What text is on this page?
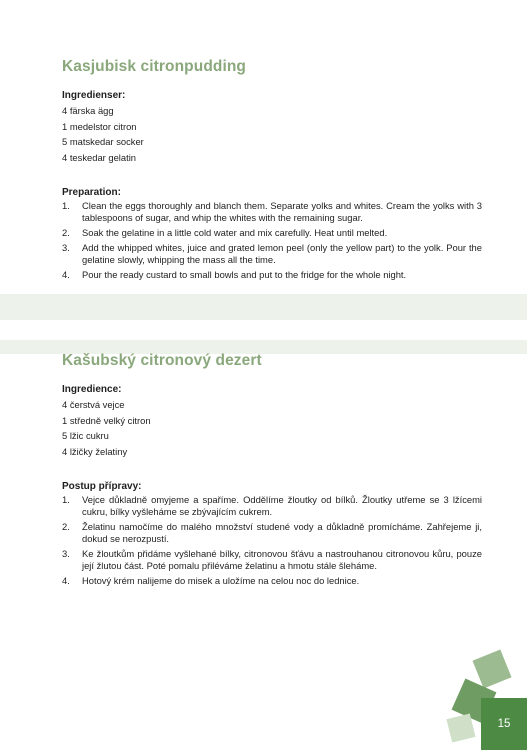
Kasjubisk citronpudding
Ingredienser:
4 färska ägg
1 medelstor citron
5 matskedar socker
4 teskedar gelatin
Preparation:
1.	Clean the eggs thoroughly and blanch them. Separate yolks and whites. Cream the yolks with 3 tablespoons of sugar, and whip the whites with the remaining sugar.
2.	Soak the gelatine in a little cold water and mix carefully. Heat until melted.
3.	Add the whipped whites, juice and grated lemon peel (only the yellow part) to the yolk. Pour the gelatine slowly, whipping the mass all the time.
4.	Pour the ready custard to small bowls and put to the fridge for the whole night.
Kašubský citronový dezert
Ingredience:
4 čerstvá vejce
1 středně velký citron
5 lžic cukru
4 lžičky želatiny
Postup přípravy:
1.	Vejce důkladně omyjeme a spaříme. Oddělíme žloutky od bílků. Žloutky utřeme se 3 lžícemi cukru, bílky vyšleháme se zbývajícím cukrem.
2.	Želatinu namočíme do malého množství studené vody a důkladně promícháme. Zahřejeme ji, dokud se nerozpustí.
3.	Ke žloutkům přidáme vyšlehané bílky, citronovou šťávu a nastrouhanou citronovou kůru, pouze její žlutou část. Poté pomalu přiléváme želatinu a hmotu stále šleháme.
4.	Hotový krém nalijeme do misek a uložíme na celou noc do lednice.
15
